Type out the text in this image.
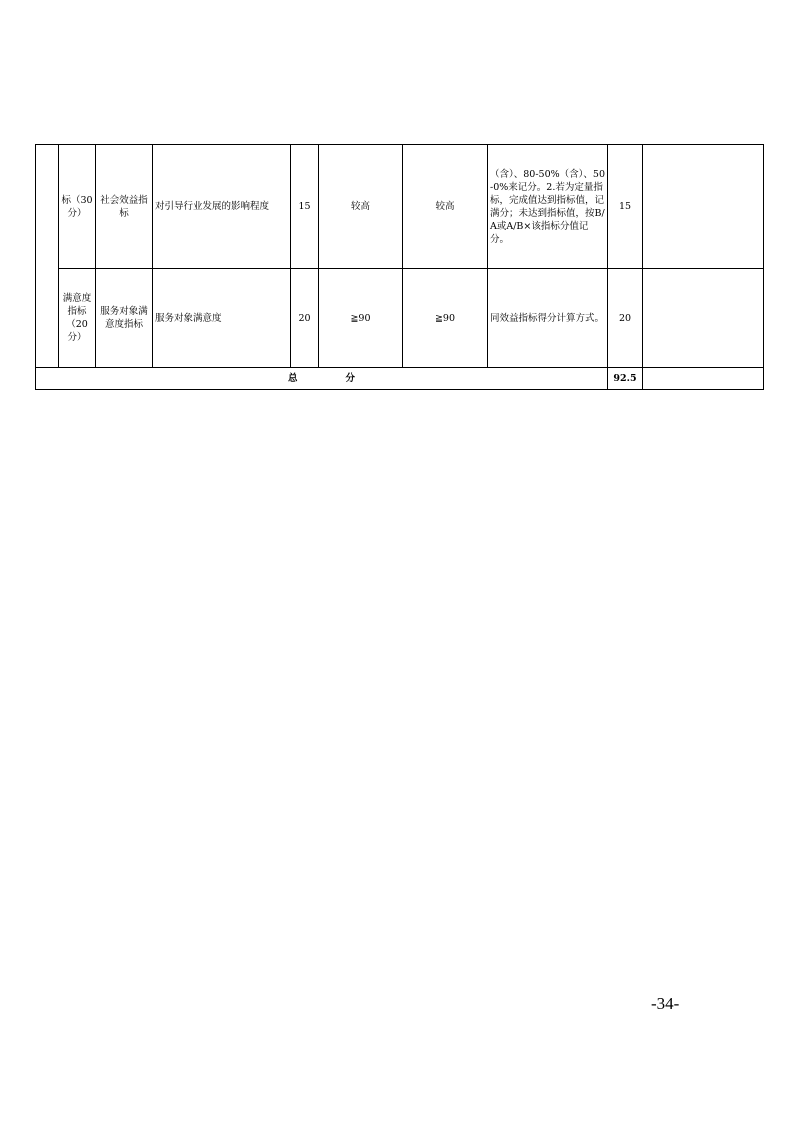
	标（30分）	社会效益指标	对引导行业发展的影响程度	15	较高	较高	（含）、80-50%（含）、50-0%来记分。2.若为定量指标，完成值达到指标值，记满分；未达到指标值，按B/A或A/B×该指标分值记分。	15	
	满意度指标（20分）	服务对象满意度指标	服务对象满意度	20	≧90	≧90	同效益指标得分计算方式。	20	
总 分								92.5	
-34-
